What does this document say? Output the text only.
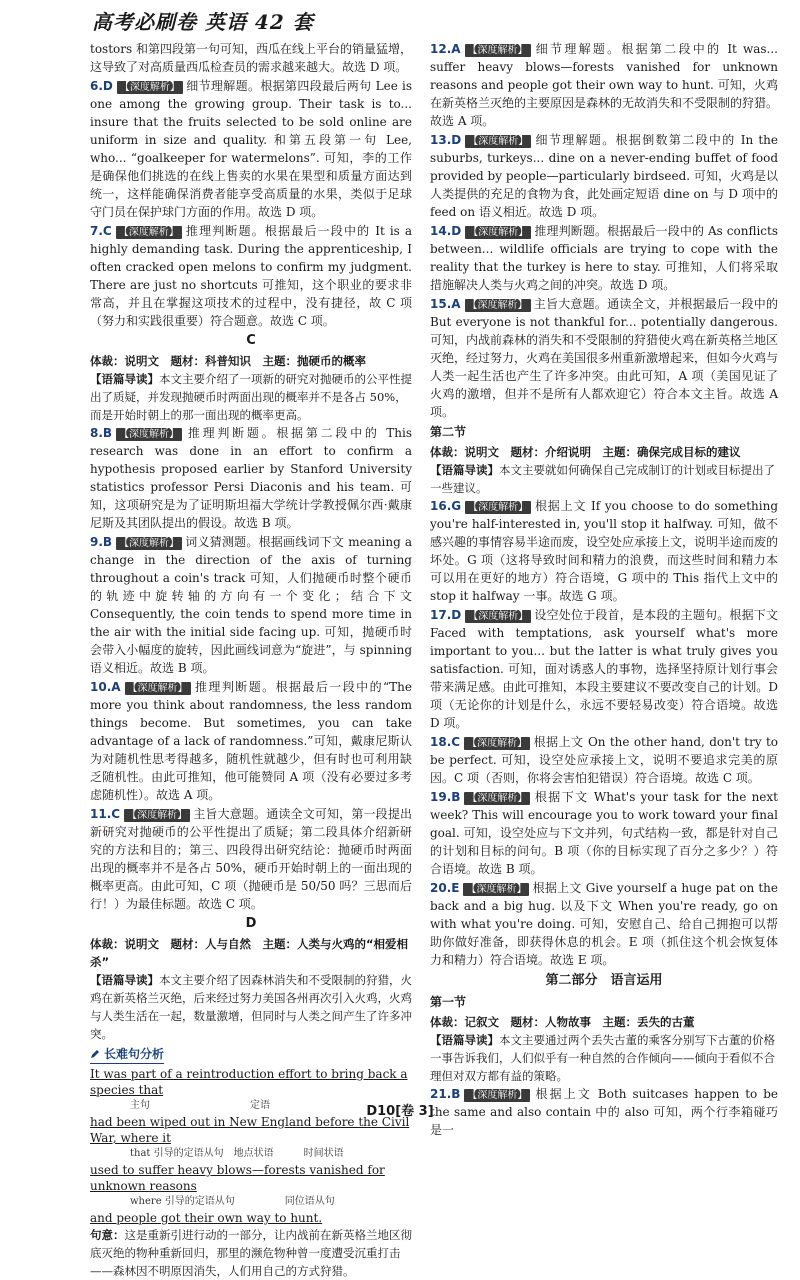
高考必刷卷 英语 42 套
tostors 和第四段第一句可知，西瓜在线上平台的销量猛增，这导致了对高质量西瓜检查员的需求越来越大。故选 D 项。
6.D 【深度解析】 细节理解题。根据第四段最后两句 Lee is one among the growing group. Their task is to... insure that the fruits selected to be sold online are uniform in size and quality. 和第五段第一句 Lee, who... “goalkeeper for watermelons”. 可知，李的工作是确保他们挑选的在线上售卖的水果在果型和质量方面达到统一，这样能确保消费者能享受高质量的水果，类似于足球守门员在保护球门方面的作用。故选 D 项。
7.C 【深度解析】 推理判断题。根据最后一段中的 It is a highly demanding task. During the apprenticeship, I often cracked open melons to confirm my judgment. There are just no shortcuts 可推知，这个职业的要求非常高，并且在掌握这项技术的过程中，没有捷径，故 C 项（努力和实践很重要）符合题意。故选 C 项。
C
体裁：说明文　题材：科普知识　主题：抛硬币的概率
【语篇导读】本文主要介绍了一项新的研究对抛硬币的公平性提出了质疑，并发现抛硬币时两面出现的概率并不是各占 50%，而是开始时朝上的那一面出现的概率更高。
8.B 【深度解析】 推理判断题。根据第二段中的 This research was done in an effort to confirm a hypothesis proposed earlier by Stanford University statistics professor Persi Diaconis and his team. 可知，这项研究是为了证明斯坦福大学统计学教授佩尔西·戴康尼斯及其团队提出的假设。故选 B 项。
9.B 【深度解析】 词义猜测题。根据画线词下文 meaning a change in the direction of the axis of turning throughout a coin's track 可知，人们抛硬币时整个硬币的轨迹中旋转轴的方向有一个变化；结合下文 Consequently, the coin tends to spend more time in the air with the initial side facing up. 可知，抛硬币时会带入小幅度的旋转，因此画线词意为“旋进”，与 spinning 语义相近。故选 B 项。
10.A 【深度解析】 推理判断题。根据最后一段中的“The more you think about randomness, the less random things become. But sometimes, you can take advantage of a lack of randomness.”可知，戴康尼斯认为对随机性思考得越多，随机性就越少，但有时也可利用缺乏随机性。由此可推知，他可能赞同 A 项（没有必要过多考虑随机性）。故选 A 项。
11.C 【深度解析】 主旨大意题。通读全文可知，第一段提出新研究对抛硬币的公平性提出了质疑；第二段具体介绍新研究的方法和目的；第三、四段得出研究结论：抛硬币时两面出现的概率并不是各占 50%，硬币开始时朝上的一面出现的概率更高。由此可知，C 项（抛硬币是 50/50 吗？三思而后行！）为最佳标题。故选 C 项。
D
体裁：说明文　题材：人与自然　主题：人类与火鸡的“相爱相杀”
【语篇导读】本文主要介绍了因森林消失和不受限制的狩猎，火鸡在新英格兰灭绝，后来经过努力美国各州再次引入火鸡，火鸡与人类生活在一起，数量激增，但同时与人类之间产生了许多冲突。
长难句分析
It was part of a reintroduction effort to bring back a species that
主句　　　　　　　　　　定语
had been wiped out in New England before the Civil War, where it
that 引导的定语从句　地点状语　　　时间状语
used to suffer heavy blows—forests vanished for unknown reasons
where 引导的定语从句　　　　　同位语从句
and people got their own way to hunt.
句意：这是重新引进行动的一部分，让内战前在新英格兰地区彻底灭绝的物种重新回归，那里的濒危物种曾一度遭受沉重打击——森林因不明原因消失，人们用自己的方式狩猎。
12.A 【深度解析】 细节理解题。根据第二段中的 It was... suffer heavy blows—forests vanished for unknown reasons and people got their own way to hunt. 可知，火鸡在新英格兰灭绝的主要原因是森林的无故消失和不受限制的狩猎。故选 A 项。
13.D 【深度解析】 细节理解题。根据倒数第二段中的 In the suburbs, turkeys... dine on a never-ending buffet of food provided by people—particularly birdseed. 可知，火鸡是以人类提供的充足的食物为食，此处画定短语 dine on 与 D 项中的 feed on 语义相近。故选 D 项。
14.D 【深度解析】 推理判断题。根据最后一段中的 As conflicts between... wildlife officials are trying to cope with the reality that the turkey is here to stay. 可推知，人们将采取措施解决人类与火鸡之间的冲突。故选 D 项。
15.A 【深度解析】 主旨大意题。通读全文，并根据最后一段中的 But everyone is not thankful for... potentially dangerous. 可知，内战前森林的消失和不受限制的狩猎使火鸡在新英格兰地区灭绝，经过努力，火鸡在美国很多州重新激增起来，但如今火鸡与人类一起生活也产生了许多冲突。由此可知，A 项（美国见证了火鸡的激增，但并不是所有人都欢迎它）符合本文主旨。故选 A 项。
第二节
体裁：说明文　题材：介绍说明　主题：确保完成目标的建议
【语篇导读】本文主要就如何确保自己完成制订的计划或目标提出了一些建议。
16.G 【深度解析】 根据上文 If you choose to do something you're half-interested in, you'll stop it halfway. 可知，做不感兴趣的事情容易半途而废，设空处应承接上文，说明半途而废的坏处。G 项（这将导致时间和精力的浪费，而这些时间和精力本可以用在更好的地方）符合语境，G 项中的 This 指代上文中的 stop it halfway 一事。故选 G 项。
17.D 【深度解析】 设空处位于段首，是本段的主题句。根据下文 Faced with temptations, ask yourself what's more important to you... but the latter is what truly gives you satisfaction. 可知，面对诱惑人的事物，选择坚持原计划行事会带来满足感。由此可推知，本段主要建议不要改变自己的计划。D 项（无论你的计划是什么，永远不要轻易改变）符合语境。故选 D 项。
18.C 【深度解析】 根据上文 On the other hand, don't try to be perfect. 可知，设空处应承接上文，说明不要追求完美的原因。C 项（否则，你将会害怕犯错误）符合语境。故选 C 项。
19.B 【深度解析】 根据下文 What's your task for the next week? This will encourage you to work toward your final goal. 可知，设空处应与下文并列，句式结构一致，都是针对自己的计划和目标的问句。B 项（你的目标实现了百分之多少？）符合语境。故选 B 项。
20.E 【深度解析】 根据上文 Give yourself a huge pat on the back and a big hug. 以及下文 When you're ready, go on with what you're doing. 可知，安慰自己、给自己拥抱可以帮助你做好准备，即获得休息的机会。E 项（抓住这个机会恢复体力和精力）符合语境。故选 E 项。
第二部分　语言运用
第一节
体裁：记叙文　题材：人物故事　主题：丢失的古董
【语篇导读】本文主要通过两个丢失古董的乘客分别写下古董的价格一事告诉我们，人们似乎有一种自然的合作倾向——倾向于看似不合理但对双方都有益的策略。
21.B 【深度解析】 根据上文 Both suitcases happen to be the same and also contain 中的 also 可知，两个行李箱碰巧是一
D10[卷 3]
